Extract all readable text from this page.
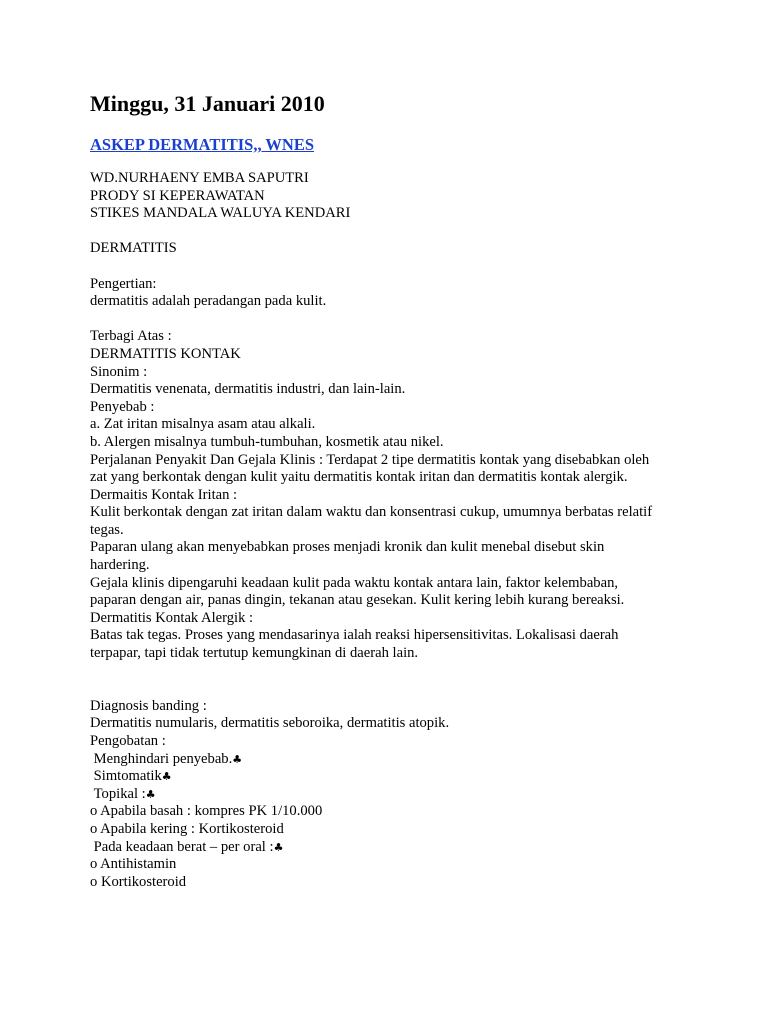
Minggu, 31 Januari 2010
ASKEP DERMATITIS,, WNES
WD.NURHAENY EMBA SAPUTRI
PRODY SI KEPERAWATAN
STIKES MANDALA WALUYA KENDARI
DERMATITIS
Pengertian:
dermatitis adalah peradangan pada kulit.
Terbagi Atas :
DERMATITIS KONTAK
Sinonim :
Dermatitis venenata, dermatitis industri, dan lain-lain.
Penyebab :
a. Zat iritan misalnya asam atau alkali.
b. Alergen misalnya tumbuh-tumbuhan, kosmetik atau nikel.
Perjalanan Penyakit Dan Gejala Klinis : Terdapat 2 tipe dermatitis kontak yang disebabkan oleh
zat yang berkontak dengan kulit yaitu dermatitis kontak iritan dan dermatitis kontak alergik.
Dermaitis Kontak Iritan :
Kulit berkontak dengan zat iritan dalam waktu dan konsentrasi cukup, umumnya berbatas relatif
tegas.
Paparan ulang akan menyebabkan proses menjadi kronik dan kulit menebal disebut skin
hardering.
Gejala klinis dipengaruhi keadaan kulit pada waktu kontak antara lain, faktor kelembaban,
paparan dengan air, panas dingin, tekanan atau gesekan. Kulit kering lebih kurang bereaksi.
Dermatitis Kontak Alergik :
Batas tak tegas. Proses yang mendasarinya ialah reaksi hipersensitivitas. Lokalisasi daerah
terpapar, tapi tidak tertutup kemungkinan di daerah lain.
Diagnosis banding :
Dermatitis numularis, dermatitis seboroika, dermatitis atopik.
Pengobatan :
Menghindari penyebab.♣
Simtomatik♣
Topikal :♣
o Apabila basah : kompres PK 1/10.000
o Apabila kering : Kortikosteroid
Pada keadaan berat – per oral :♣
o Antihistamin
o Kortikosteroid
